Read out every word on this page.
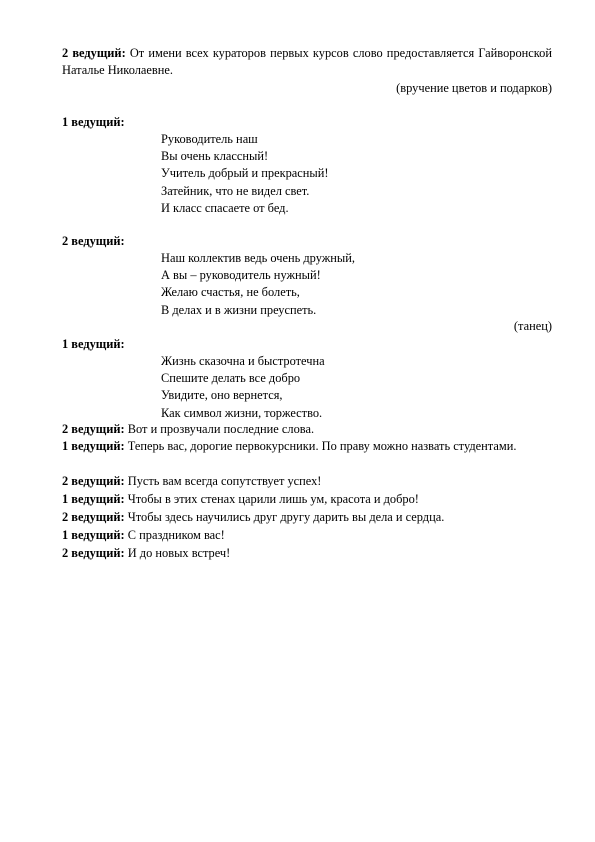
2 ведущий: От имени всех кураторов первых курсов слово предоставляется Гайворонской Наталье Николаевне.
(вручение цветов и подарков)
1 ведущий:
Руководитель наш
Вы очень классный!
Учитель добрый и прекрасный!
Затейник, что не видел свет.
И класс спасаете от бед.
2 ведущий:
Наш коллектив ведь очень дружный,
А вы – руководитель нужный!
Желаю счастья, не болеть,
В делах и в жизни преуспеть.
(танец)
1 ведущий:
Жизнь сказочна и быстротечна
Спешите делать все добро
Увидите, оно вернется,
Как символ жизни, торжество.
2 ведущий: Вот и прозвучали последние слова.
1 ведущий: Теперь вас, дорогие первокурсники. По праву можно назвать студентами.
2 ведущий: Пусть вам всегда сопутствует успех!
1 ведущий: Чтобы в этих стенах царили лишь ум, красота и добро!
2 ведущий: Чтобы здесь научились друг другу дарить вы дела и сердца.
1 ведущий: С праздником вас!
2 ведущий: И до новых встреч!
